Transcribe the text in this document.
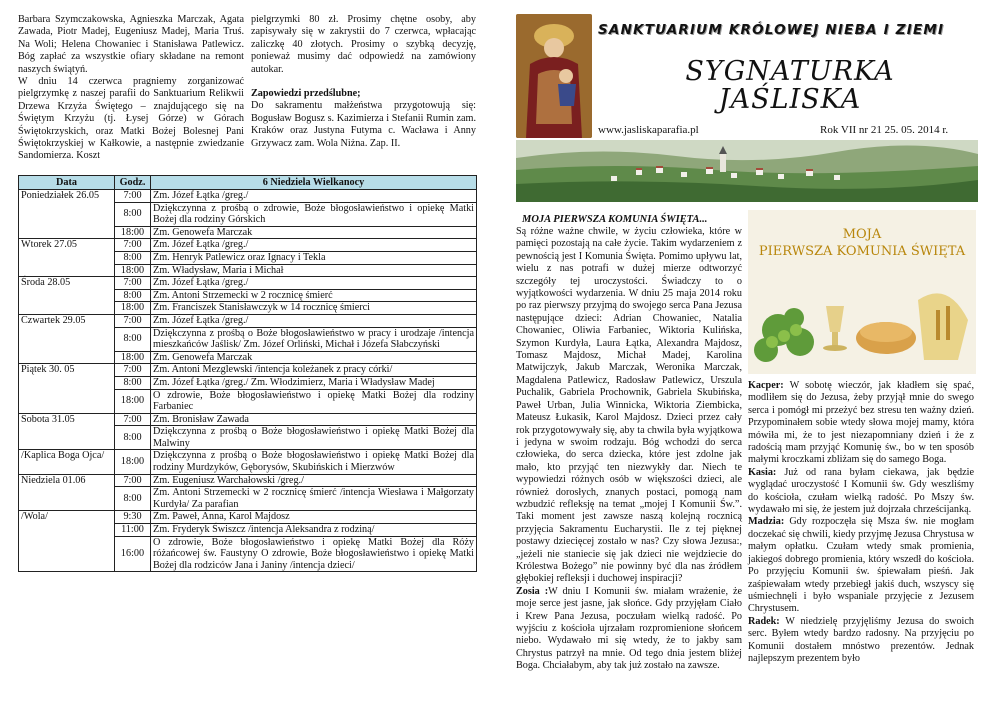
Barbara Szymczakowska, Agnieszka Marczak, Agata Zawada, Piotr Madej, Eugeniusz Madej, Maria Truś. Na Woli; Helena Chowaniec i Stanisława Patlewicz. Bóg zapłać za wszystkie ofiary składane na remont naszych świątyń.

W dniu 14 czerwca pragniemy zorganizować pielgrzymkę z naszej parafii do Sanktuarium Relikwii Drzewa Krzyża Świętego – znajdującego się na Świętym Krzyżu (tj. Łysej Górze) w Górach Świętokrzyskich, oraz Matki Bożej Bolesnej Pani Świętokrzyskiej w Kałkowie, a następnie zwiedzanie Sandomierza. Koszt

pielgrzymki 80 zł. Prosimy chętne osoby, aby zapisywały się w zakrystii do 7 czerwca, wpłacając zaliczkę 40 złotych. Prosimy o szybką decyzję, ponieważ musimy dać odpowiedź na zamówiony autokar.

Zapowiedzi przedślubne;

Do sakramentu małżeństwa przygotowują się: Bogusław Bogusz s. Kazimierza i Stefanii Rumin zam. Kraków oraz Justyna Futyma c. Wacława i Anny Grzywacz zam. Wola Niżna. Zap. II.

Data	Godz.	6 Niedziela Wielkanocy
Poniedziałek 26.05	7:00	Zm. Józef Łątka /greg./
	8:00	Dziękczynna z prośbą o zdrowie, Boże błogosławieństwo i opiekę Matki Bożej dla rodziny Górskich
	18:00	Zm. Genowefa Marczak
Wtorek 27.05	7:00	Zm. Józef Łątka /greg./
	8:00	Zm. Henryk Patlewicz oraz Ignacy i Tekla
	18:00	Zm. Władysław, Maria i Michał
Środa 28.05	7:00	Zm. Józef Łątka /greg./
	8:00	Zm. Antoni Strzemecki w 2 rocznicę śmierć
	18:00	Zm. Franciszek Stanisławczyk w 14 rocznicę śmierci
Czwartek 29.05	7:00	Zm. Józef Łątka /greg./
	8:00	Dziękczynna z prośbą o Boże błogosławieństwo w pracy i urodzaje /intencja mieszkańców Jaślisk/ Zm. Józef Orliński, Michał i Józefa Słabczyński
	18:00	Zm. Genowefa Marczak
Piątek 30. 05	7:00	Zm. Antoni Mezglewski /intencja koleżanek z pracy córki/
	8:00	Zm. Józef Łątka /greg./ Zm. Włodzimierz, Maria i Władysław Madej
	18:00	O zdrowie, Boże błogosławieństwo i opiekę Matki Bożej dla rodziny Farbaniec
Sobota 31.05	7:00	Zm. Bronisław Zawada
	8:00	Dziękczynna z prośbą o Boże błogosławieństwo i opiekę Matki Bożej dla Malwiny
/Kaplica Boga Ojca/	18:00	Dziękczynna z prośbą o Boże błogosławieństwo i opiekę Matki Bożej dla rodziny Murdzyków, Gęborysów, Skubińskich i Mierzwów
Niedziela 01.06	7:00	Zm. Eugeniusz Warchałowski /greg./
	8:00	Zm. Antoni Strzemecki w 2 rocznicę śmierć /intencja Wiesława i Małgorzaty Kurdyła/ Za parafian
/Wola/	9:30	Zm. Paweł, Anna, Karol Majdosz
	11:00	Zm. Fryderyk Świszcz /intencja Aleksandra z rodziną/
	16:00	O zdrowie, Boże błogosławieństwo i opiekę Matki Bożej dla Róży różańcowej św. Faustyny O zdrowie, Boże błogosławieństwo i opiekę Matki Bożej dla rodziców Jana i Janiny /intencja dzieci/
SANKTUARIUM KRÓLOWEJ NIEBA I ZIEMI
SYGNATURKA
JAŚLISKA
www.jasliskaparafia.pl	Rok VII nr 21 25. 05. 2014 r.
MOJA PIERWSZA KOMUNIA ŚWIĘTA...

Są różne ważne chwile, w życiu człowieka, które w pamięci pozostają na całe życie. Takim wydarzeniem z pewnością jest I Komunia Święta. Pomimo upływu lat, wielu z nas potrafi w dużej mierze odtworzyć szczegóły tej uroczystości. Świadczy to o wyjątkowości wydarzenia. W dniu 25 maja 2014 roku po raz pierwszy przyjmą do swojego serca Pana Jezusa następujące dzieci: Adrian Chowaniec, Natalia Chowaniec, Oliwia Farbaniec, Wiktoria Kulińska, Szymon Kurdyła, Laura Łątka, Alexandra Majdosz, Tomasz Majdosz, Michał Madej, Karolina Matwijczyk, Jakub Marczak, Weronika Marczak, Magdalena Patlewicz, Radosław Patlewicz, Urszula Puchalik, Gabriela Prochownik, Gabriela Skubińska, Paweł Urban, Julia Winnicka, Wiktoria Ziembicka, Mateusz Łukasik, Karol Majdosz. Dzieci przez cały rok przygotowywały się, aby ta chwila była wyjątkowa i jedyna w swoim rodzaju. Bóg wchodzi do serca człowieka, do serca dziecka, które jest zdolne jak mało, kto przyjąć ten niezwykły dar. Niech te wypowiedzi różnych osób w większości dzieci, ale również dorosłych, znanych postaci, pomogą nam wzbudzić refleksję na temat „mojej I Komunii Św.”. Taki moment jest zawsze naszą kolejną rocznicą przyjęcia Sakramentu Eucharystii. Ile z tej pięknej postawy dziecięcej zostało w nas? Czy słowa Jezusa:, „jeżeli nie staniecie się jak dzieci nie wejdziecie do Królestwa Bożego” nie powinny być dla nas źródłem głębokiej refleksji i duchowej inspiracji?

Zosia :W dniu I Komunii św. miałam wrażenie, że moje serce jest jasne, jak słońce. Gdy przyjęłam Ciało i Krew Pana Jezusa, poczułam wielką radość. Po wyjściu z kościoła ujrzałam rozpromienione słońcem niebo. Wydawało mi się wtedy, że to jakby sam Chrystus patrzył na mnie. Od tego dnia jestem bliżej Boga. Chciałabym, aby tak już zostało na zawsze.

MOJA
PIERWSZA KOMUNIA ŚWIĘTA

Kacper: W sobotę wieczór, jak kładłem się spać, modliłem się do Jezusa, żeby przyjął mnie do swego serca i pomógł mi przeżyć bez stresu ten ważny dzień. Przypominałem sobie wtedy słowa mojej mamy, która mówiła mi, że to jest niezapomniany dzień i że z radością mam przyjąć Komunię św., bo w ten sposób małymi kroczkami zbliżam się do samego Boga.

Kasia: Już od rana byłam ciekawa, jak będzie wyglądać uroczystość I Komunii św. Gdy weszliśmy do kościoła, czułam wielką radość. Po Mszy św. wydawało mi się, że jestem już dojrzała chrześcijanką.

Madzia: Gdy rozpoczęła się Msza św. nie mogłam doczekać się chwili, kiedy przyjmę Jezusa Chrystusa w małym opłatku. Czułam wtedy smak promienia, jakiegoś dobrego promienia, który wszedł do kościoła. Po przyjęciu Komunii św. śpiewałam pieśń. Jak zaśpiewałam wtedy przebiegł jakiś duch, wszyscy się uśmiechnęli i było wspaniale przyjęcie z Jezusem Chrystusem.

Radek: W niedzielę przyjęliśmy Jezusa do swoich serc. Byłem wtedy bardzo radosny. Na przyjęciu po Komunii dostałem mnóstwo prezentów. Jednak najlepszym prezentem było
